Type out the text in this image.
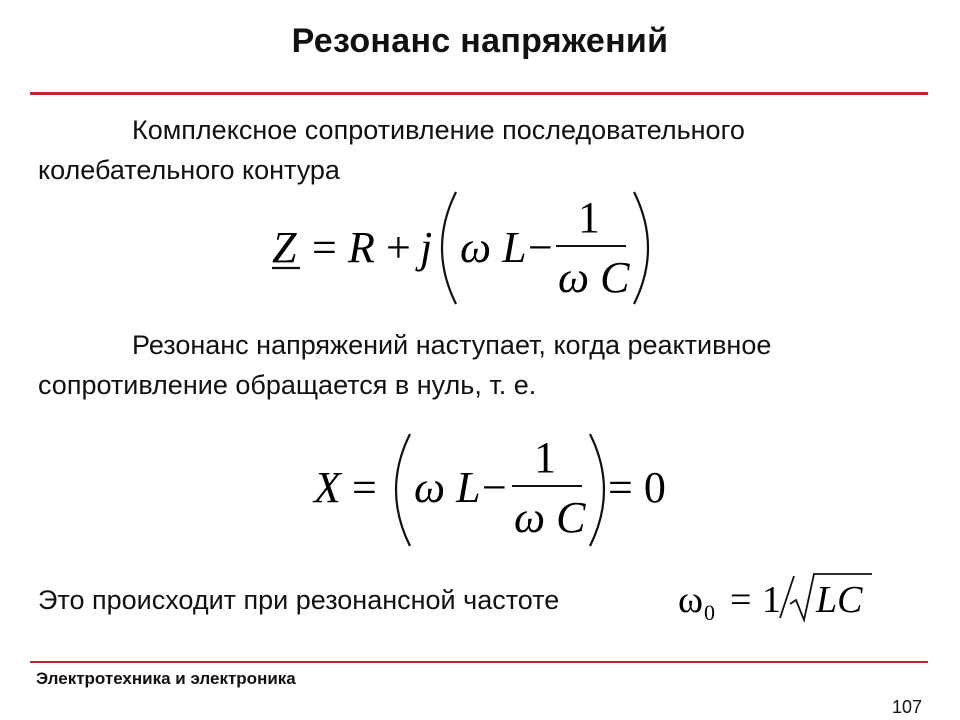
Резонанс напряжений
Комплексное сопротивление последовательного
колебательного контура
Z = R + j ω L −
1
ω C
Резонанс напряжений наступает, когда реактивное
сопротивление обращается в нуль, т. е.
X = ω L −
1
ω C
= 0
Это происходит при резонансной частоте	ω 0 = 1 LC
Электротехника и электроника
107
